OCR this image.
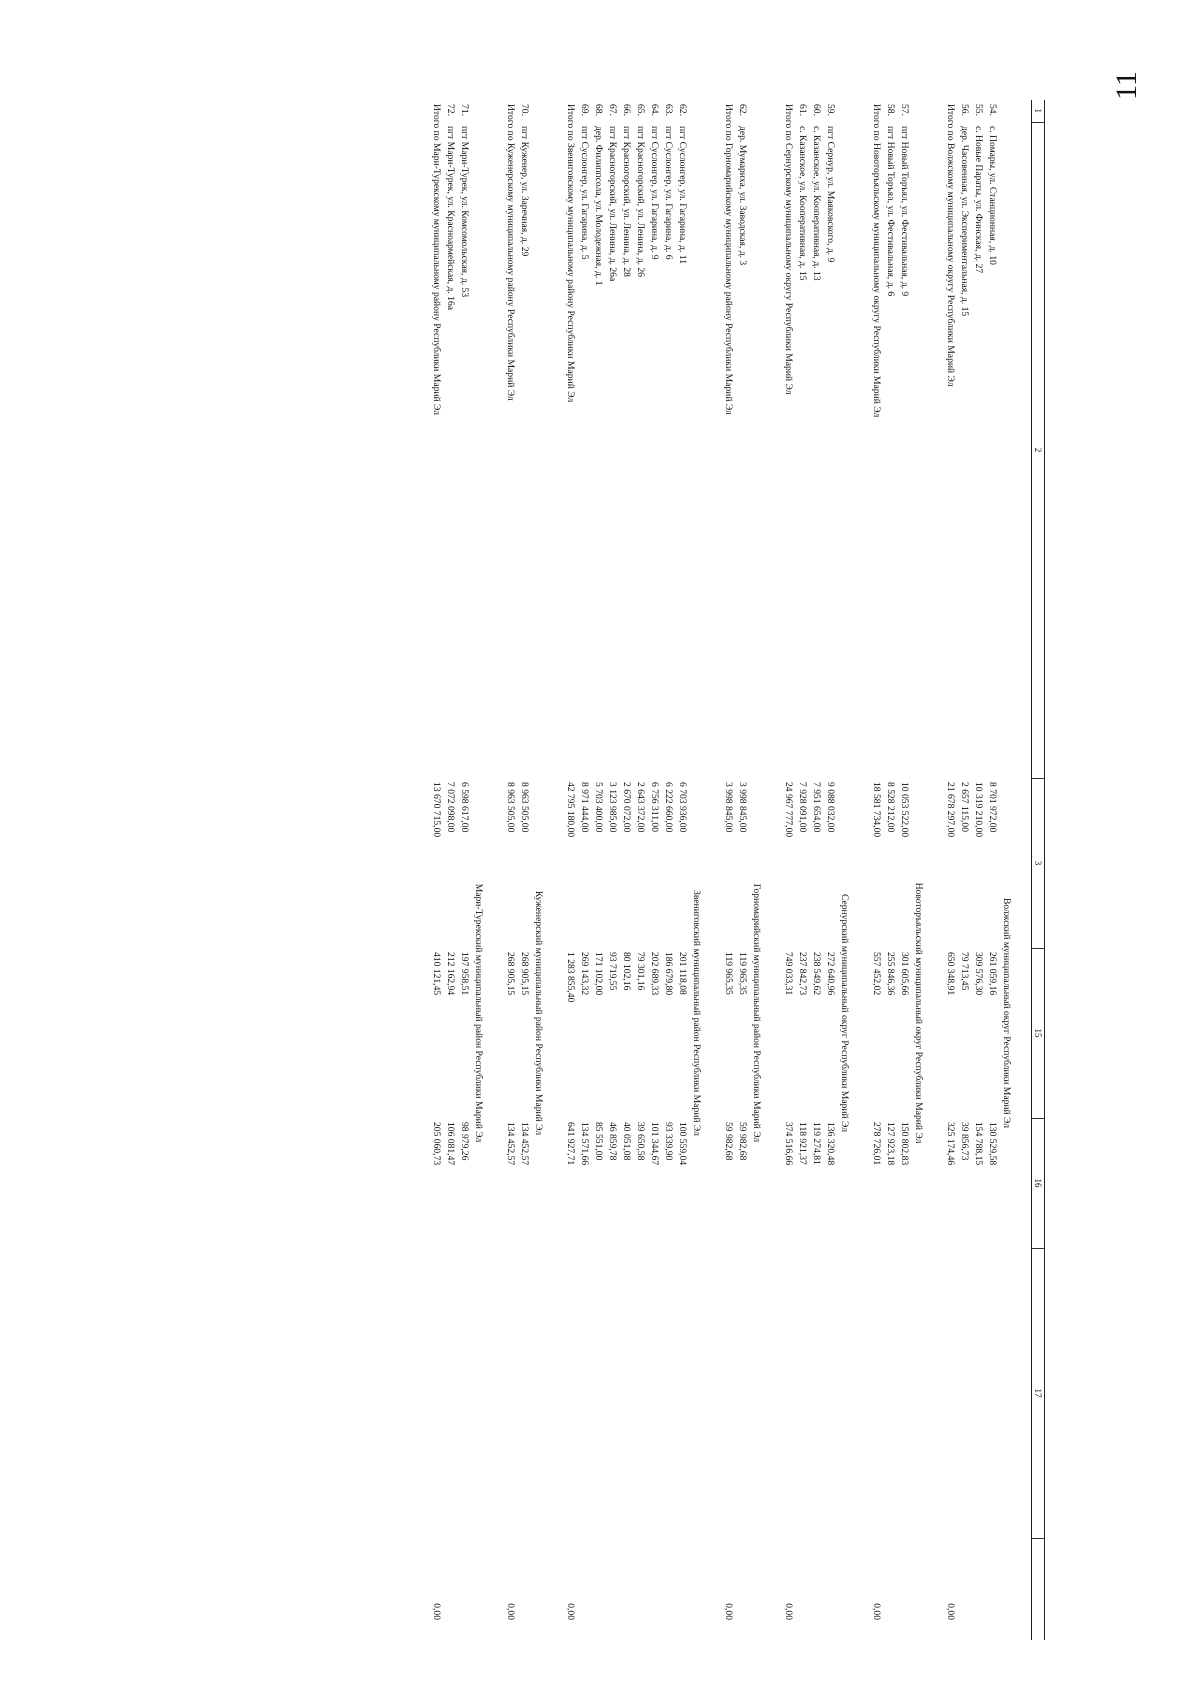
11
1	2	3	15	16	17	
		Волжский муниципальный округ Республики Марий Эл				
54.	с. Помары, ул. Станционная, д. 10	8 701 972,00	261 059,16	130 529,58		
55.	с. Новые Параты, ул. Финская, д. 27	10 319 210,00	309 576,30	154 788,15		
56.	дер. Часовенная, ул. Экспериментальная, д. 15	2 657 115,00	79 713,45	39 856,73		
Итого по Волжскому муниципальному округу Республики Марий Эл		21 678 297,00	650 348,91	325 174,46		0,00
		Новоторъяльский муниципальный округ Республики Марий Эл				
57.	пгт Новый Торъял, ул. Фестивальная, д. 9	10 053 522,00	301 605,66	150 802,83		
58.	пгт Новый Торъял, ул. Фестивальная, д. 6	8 528 212,00	255 846,36	127 923,18		
Итого по Новоторъяльскому муниципальному округу Республики Марий Эл		18 581 734,00	557 452,02	278 726,01		0,00
		Сернурский муниципальный округ Республики Марий Эл				
59.	пгт Сернур, ул. Маяковского, д. 9	9 088 032,00	272 640,96	136 320,48		
60.	с. Казанское, ул. Кооперативная, д. 13	7 951 654,00	238 549,62	119 274,81		
61.	с. Казанское, ул. Кооперативная, д. 15	7 928 091,00	237 842,73	118 921,37		
Итого по Сернурскому муниципальному округу Республики Марий Эл		24 967 777,00	749 033,31	374 516,66		0,00
		Горномарийский муниципальный район Республики Марий Эл				
62.	дер. Мумариха, ул. Заводская, д. 3	3 998 845,00	119 965,35	59 982,68		
Итого по Горномарийскому муниципальному району Республики Марий Эл		3 998 845,00	119 965,35	59 982,68		0,00
		Звениговский муниципальный район Республики Марий Эл				
62.	пгт Суслонгер, ул. Гагарина, д. 11	6 703 936,00	201 118,08	100 559,04		
63.	пгт Суслонгер, ул. Гагарина, д. 6	6 222 660,00	186 679,80	93 339,90		
64.	пгт Суслонгер, ул. Гагарина, д. 9	6 756 311,00	202 689,33	101 344,67		
65.	пгт Красногорский, ул. Ленина, д. 26	2 643 372,00	79 301,16	39 650,58		
66.	пгт Красногорский, ул. Ленина, д. 28	2 670 072,00	80 102,16	40 051,08		
67.	пгт Красногорский, ул. Ленина, д. 26а	3 123 985,00	93 719,55	46 859,78		
68.	дер. Филиппсола, ул. Молодежная, д. 1	5 703 400,00	171 102,00	85 551,00		
69.	пгт Суслонгер, ул. Гагарина, д. 5	8 971 444,00	269 143,32	134 571,66		
Итого по Звениговскому муниципальному району Республики Марий Эл		42 795 180,00	1 283 855,40	641 927,71		0,00
		Куженерский муниципальный район Республики Марий Эл				
70.	пгт Куженер, ул. Заречная, д. 29	8 963 505,00	268 905,15	134 452,57		
Итого по Куженерскому муниципальному району Республики Марий Эл		8 963 505,00	268 905,15	134 452,57		0,00
		Мари-Турекский муниципальный район Республики Марий Эл				
71.	пгт Мари-Турек, ул. Комсомольская, д. 53	6 598 617,00	197 958,51	98 979,26		
72.	пгт Мари-Турек, ул. Красноармейская, д. 16а	7 072 098,00	212 162,94	106 081,47		
Итого по Мари-Турекскому муниципальному району Республики Марий Эл		13 670 715,00	410 121,45	205 060,73		0,00
